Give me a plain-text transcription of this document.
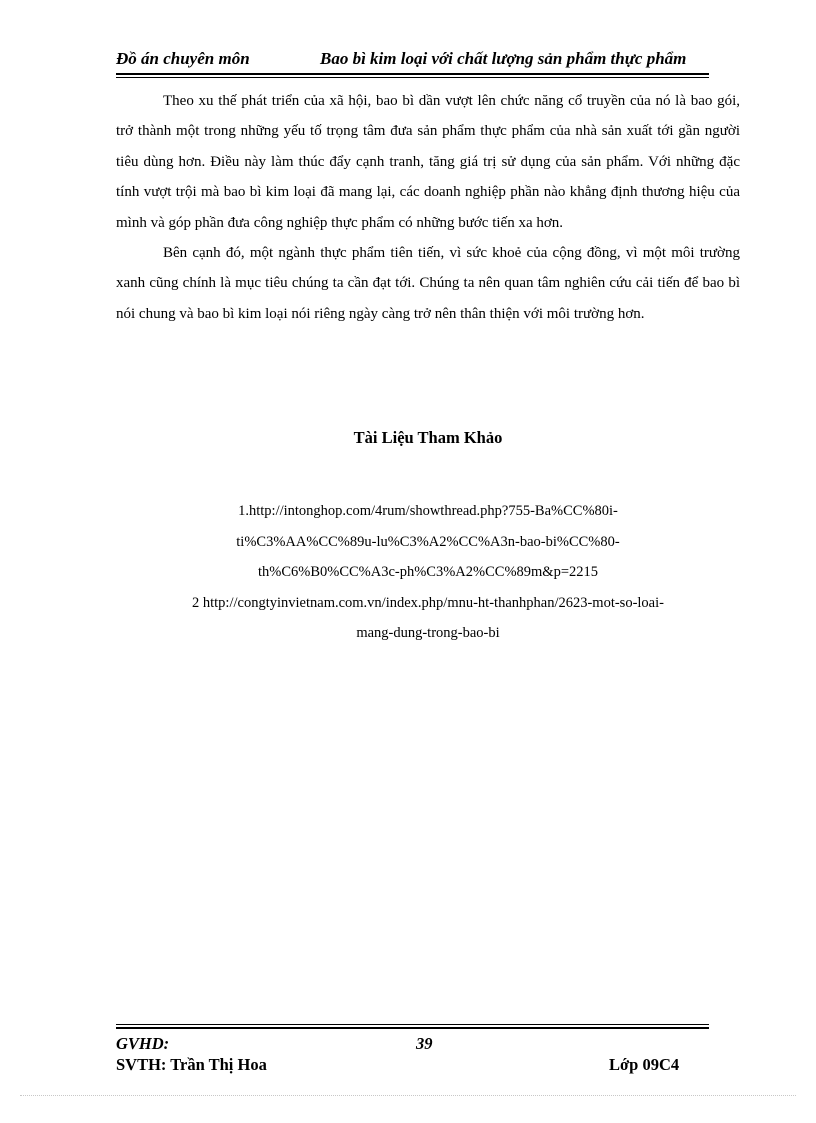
Đồ án chuyên môn	Bao bì kim loại với chất lượng sản phẩm thực phẩm

Theo xu thế phát triển của xã hội, bao bì dần vượt lên chức năng cổ truyền của nó là bao gói, trở thành một trong những yếu tố trọng tâm đưa sản phẩm thực phẩm của nhà sản xuất tới gần người tiêu dùng hơn. Điều này làm thúc đẩy cạnh tranh, tăng giá trị sử dụng của sản phẩm. Với những đặc tính vượt trội mà bao bì kim loại đã mang lại, các doanh nghiệp phần nào khẳng định thương hiệu của mình và góp phần đưa công nghiệp thực phẩm có những bước tiến xa hơn.

Bên cạnh đó, một ngành thực phẩm tiên tiến, vì sức khoẻ của cộng đồng, vì một môi trường xanh cũng chính là mục tiêu chúng ta cần đạt tới. Chúng ta nên quan tâm nghiên cứu cải tiến để bao bì nói chung và bao bì kim loại nói riêng ngày càng trở nên thân thiện với môi trường hơn.

Tài Liệu Tham Khảo
1.http://intonghop.com/4rum/showthread.php?755-Ba%CC%80i-
ti%C3%AA%CC%89u-lu%C3%A2%CC%A3n-bao-bi%CC%80-
th%C6%B0%CC%A3c-ph%C3%A2%CC%89m&p=2215
2 http://congtyinvietnam.com.vn/index.php/mnu-ht-thanhphan/2623-mot-so-loai-
mang-dung-trong-bao-bi
GVHD:	39
SVTH: Trần Thị Hoa	Lớp 09C4
